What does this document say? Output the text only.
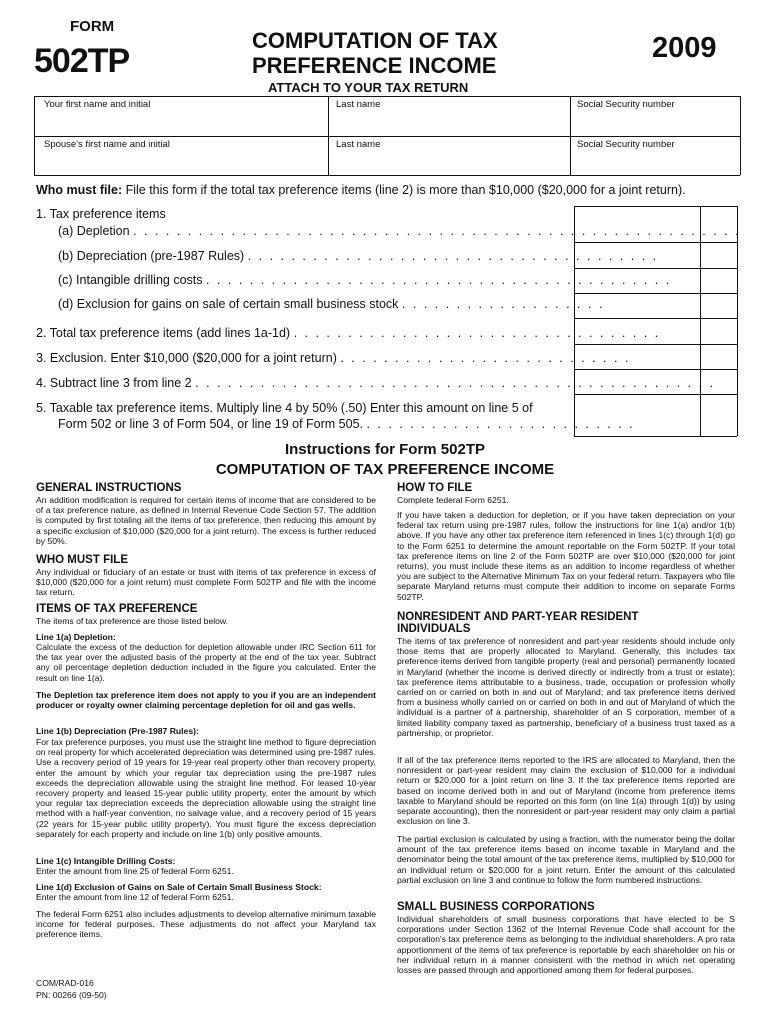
FORM
502TP
COMPUTATION OF TAX
PREFERENCE INCOME
ATTACH TO YOUR TAX RETURN
2009
Your first name and initial	Last name	Social Security number
Spouse's first name and initial	Last name	Social Security number
Who must file: File this form if the total tax preference items (line 2) is more than $10,000 ($20,000 for a joint return).
1. Tax preference items
(a) Depletion . . . . . . . . . . . . . . . . . . . . . . . . . . . . . . . . . . . . . . . . . . . . . . . . . . . . . . . .
(b) Depreciation (pre-1987 Rules) . . . . . . . . . . . . . . . . . . . . . . . . . . . . . . . . . . . . . .
(c) Intangible drilling costs . . . . . . . . . . . . . . . . . . . . . . . . . . . . . . . . . . . . . . . . . . .
(d) Exclusion for gains on sale of certain small business stock . . . . . . . . . . . . . . . . . . .
2. Total tax preference items (add lines 1a-1d) . . . . . . . . . . . . . . . . . . . . . . . . . . . . . . . . . .
3. Exclusion. Enter $10,000 ($20,000 for a joint return) . . . . . . . . . . . . . . . . . . . . . . . . . . .
4. Subtract line 3 from line 2 . . . . . . . . . . . . . . . . . . . . . . . . . . . . . . . . . . . . . . . . . . . . . . . .
5. Taxable tax preference items. Multiply line 4 by 50% (.50) Enter this amount on line 5 of
Form 502 or line 3 of Form 504, or line 19 of Form 505. . . . . . . . . . . . . . . . . . . . . . . . . .
Instructions for Form 502TP
COMPUTATION OF TAX PREFERENCE INCOME
GENERAL INSTRUCTIONS
An addition modification is required for certain items of income that are considered to be of a tax preference nature, as defined in Internal Revenue Code Section 57. The addition is computed by first totaling all the items of tax preference, then reducing this amount by a specific exclusion of $10,000 ($20,000 for a joint return). The excess is further reduced by 50%.
WHO MUST FILE
Any individual or fiduciary of an estate or trust with items of tax preference in excess of $10,000 ($20,000 for a joint return) must complete Form 502TP and file with the income tax return.
ITEMS OF TAX PREFERENCE
The items of tax preference are those listed below.
Line 1(a) Depletion:
Calculate the excess of the deduction for depletion allowable under IRC Section 611 for the tax year over the adjusted basis of the property at the end of the tax year. Subtract any oil percentage depletion deduction included in the figure you calculated. Enter the result on line 1(a).
The Depletion tax preference item does not apply to you if you are an independent producer or royalty owner claiming percentage depletion for oil and gas wells.
Line 1(b) Depreciation (Pre-1987 Rules):
For tax preference purposes, you must use the straight line method to figure depreciation on real property for which accelerated depreciation was determined using pre-1987 rules. Use a recovery period of 19 years for 19-year real property other than recovery property, enter the amount by which your regular tax depreciation using the pre-1987 rules exceeds the depreciation allowable using the straight line method. For leased 10-year recovery property and leased 15-year public utility property, enter the amount by which your regular tax depreciation exceeds the depreciation allowable using the straight line method with a half-year convention, no salvage value, and a recovery period of 15 years (22 years for 15-year public utility property). You must figure the excess depreciation separately for each property and include on line 1(b) only positive amounts.
Line 1(c) Intangible Drilling Costs:
Enter the amount from line 25 of federal Form 6251.
Line 1(d) Exclusion of Gains on Sale of Certain Small Business Stock:
Enter the amount from line 12 of federal Form 6251.
The federal Form 6251 also includes adjustments to develop alternative minimum taxable income for federal purposes. These adjustments do not affect your Maryland tax preference items.
COM/RAD-016
PN: 00266 (09-50)
HOW TO FILE
Complete federal Form 6251.
If you have taken a deduction for depletion, or if you have taken depreciation on your federal tax return using pre-1987 rules, follow the instructions for line 1(a) and/or 1(b) above. If you have any other tax preference item referenced in lines 1(c) through 1(d) go to the Form 6251 to determine the amount reportable on the Form 502TP. If your total tax preference items on line 2 of the Form 502TP are over $10,000 ($20,000 for joint returns), you must include these items as an addition to income regardless of whether you are subject to the Alternative Minimum Tax on your federal return. Taxpayers who file separate Maryland returns must compute their addition to income on separate Forms 502TP.
NONRESIDENT AND PART-YEAR RESIDENT
INDIVIDUALS
The items of tax preference of nonresident and part-year residents should include only those items that are properly allocated to Maryland. Generally, this includes tax preference items derived from tangible property (real and personal) permanently located in Maryland (whether the income is derived directly or indirectly from a trust or estate); tax preference items attributable to a business, trade, occupation or profession wholly carried on or carried on both in and out of Maryland; and tax preference items derived from a business wholly carried on or carried on both in and out of Maryland of which the individual is a partner of a partnership, shareholder of an S corporation, member of a limited liability company taxed as partnership, beneficiary of a business trust taxed as a partnership, or proprietor.
If all of the tax preference items reported to the IRS are allocated to Maryland, then the nonresident or part-year resident may claim the exclusion of $10,000 for a individual return or $20,000 for a joint return on line 3. If the tax preference items reported are based on income derived both in and out of Maryland (income from preference items taxable to Maryland should be reported on this form (on line 1(a) through 1(d)) by using separate accounting), then the nonresident or part-year resident may only claim a partial exclusion on line 3.
The partial exclusion is calculated by using a fraction, with the numerator being the dollar amount of the tax preference items based on income taxable in Maryland and the denominator being the total amount of the tax preference items, multiplied by $10,000 for an individual return or $20,000 for a joint return. Enter the amount of this calculated partial exclusion on line 3 and continue to follow the form numbered instructions.
SMALL BUSINESS CORPORATIONS
Individual shareholders of small business corporations that have elected to be S corporations under Section 1362 of the Internal Revenue Code shall account for the corporation's tax preference items as belonging to the individual shareholders. A pro rata apportionment of the items of tax preference is reportable by each shareholder on his or her individual return in a manner consistent with the method in which net operating losses are passed through and apportioned among them for federal purposes.
